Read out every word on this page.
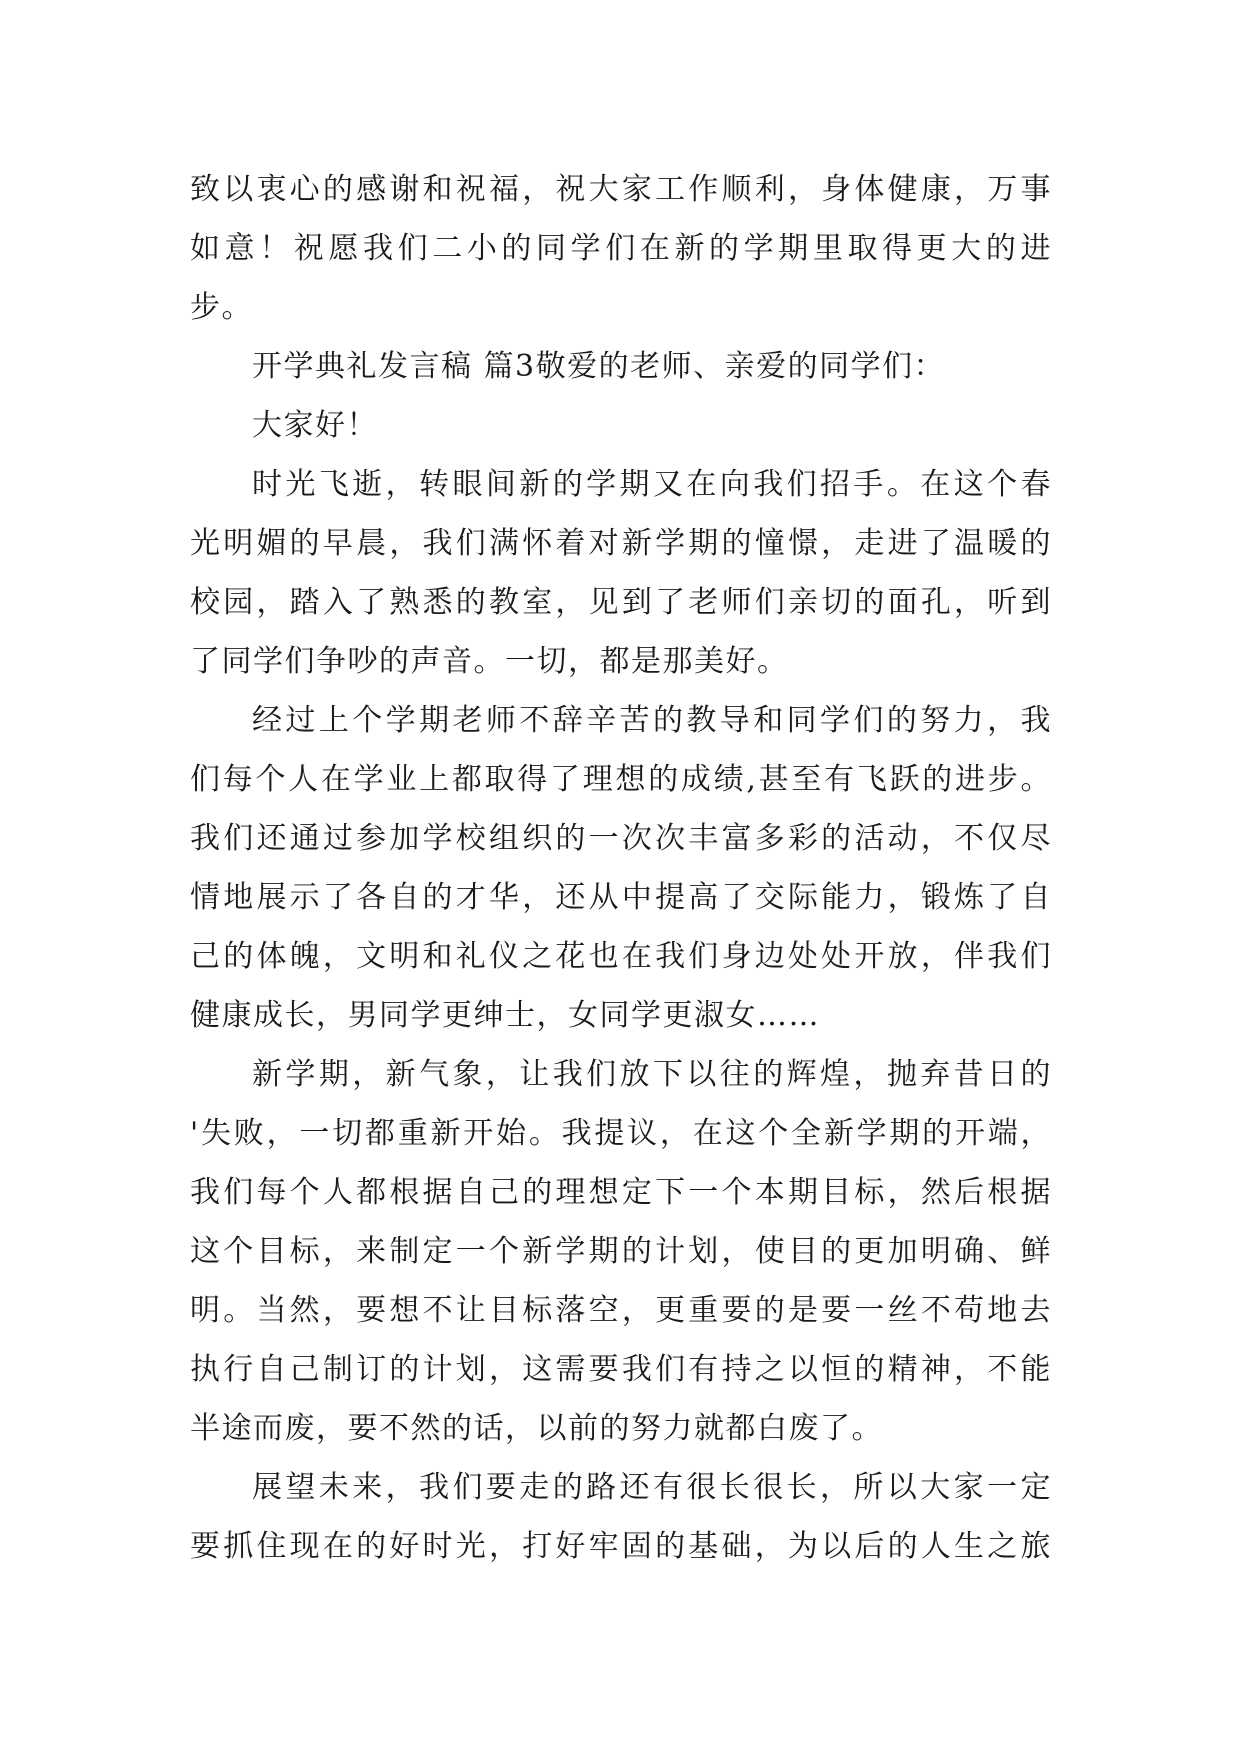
致以衷心的感谢和祝福，祝大家工作顺利，身体健康，万事
如意！祝愿我们二小的同学们在新的学期里取得更大的进
步。
开学典礼发言稿 篇3敬爱的老师、亲爱的同学们：
大家好！
时光飞逝，转眼间新的学期又在向我们招手。在这个春
光明媚的早晨，我们满怀着对新学期的憧憬，走进了温暖的
校园，踏入了熟悉的教室，见到了老师们亲切的面孔，听到
了同学们争吵的声音。一切，都是那美好。
经过上个学期老师不辞辛苦的教导和同学们的努力，我
们每个人在学业上都取得了理想的成绩,甚至有飞跃的进步。
我们还通过参加学校组织的一次次丰富多彩的活动，不仅尽
情地展示了各自的才华，还从中提高了交际能力，锻炼了自
己的体魄，文明和礼仪之花也在我们身边处处开放，伴我们
健康成长，男同学更绅士，女同学更淑女……
新学期，新气象，让我们放下以往的辉煌，抛弃昔日的
'失败，一切都重新开始。我提议，在这个全新学期的开端，
我们每个人都根据自己的理想定下一个本期目标，然后根据
这个目标，来制定一个新学期的计划，使目的更加明确、鲜
明。当然，要想不让目标落空，更重要的是要一丝不苟地去
执行自己制订的计划，这需要我们有持之以恒的精神，不能
半途而废，要不然的话，以前的努力就都白废了。
展望未来，我们要走的路还有很长很长，所以大家一定
要抓住现在的好时光，打好牢固的基础，为以后的人生之旅
